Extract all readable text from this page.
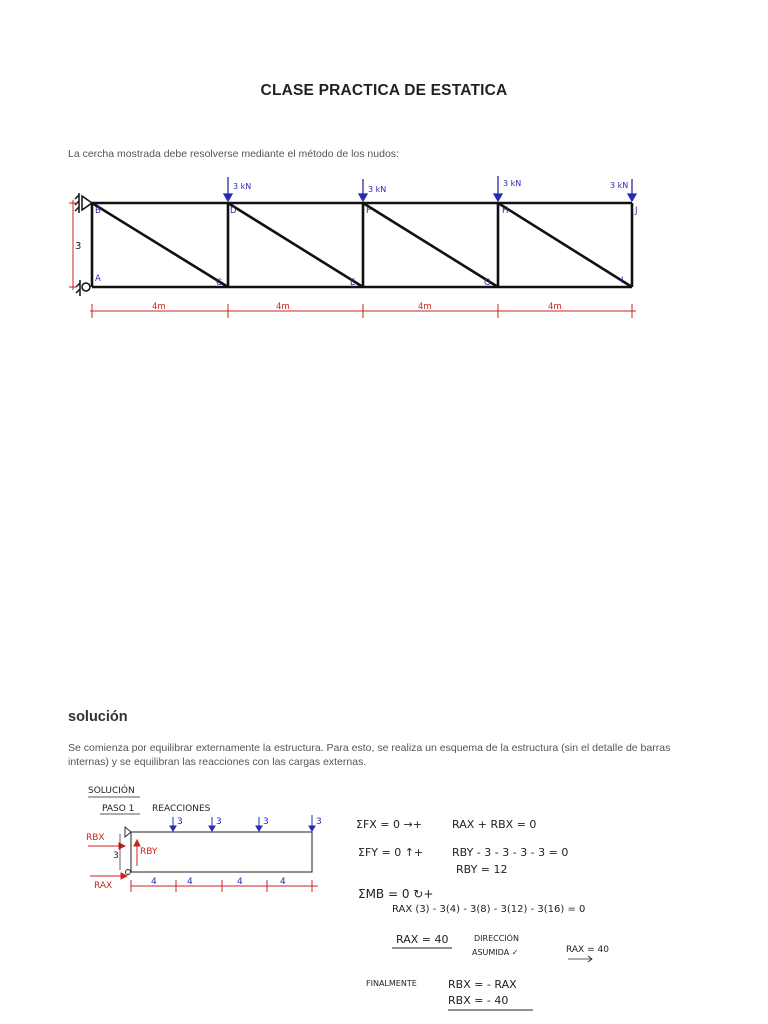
CLASE PRACTICA DE ESTATICA
La cercha mostrada debe resolverse mediante el método de los nudos:
3 kN	3 kN
3 kN	3 kN
B
A
D
C
F
E
H
G
J
I
3
4m	4m	4m	4m
solución
Se comienza por equilibrar externamente la estructura. Para esto, se realiza un esquema de la estructura (sin el detalle de barras internas) y se equilibran las reacciones con las cargas externas.
SOLUCIÓN
PASO 1 REACCIONES
3	3	3	3
RBX
RBY
RAX
3
4	4	4	4
ΣFX = 0 →+	RAX + RBX = 0
ΣFY = 0 ↑+	RBY - 3 - 3 - 3 - 3 = 0
RBY = 12
ΣMB = 0 ↻+
RAX (3) - 3(4) - 3(8) - 3(12) - 3(16) = 0
RAX = 40	DIRECCIÓN
ASUMIDA ✓	RAX = 40
FINALMENTE	RBX = - RAX
RBX = - 40
